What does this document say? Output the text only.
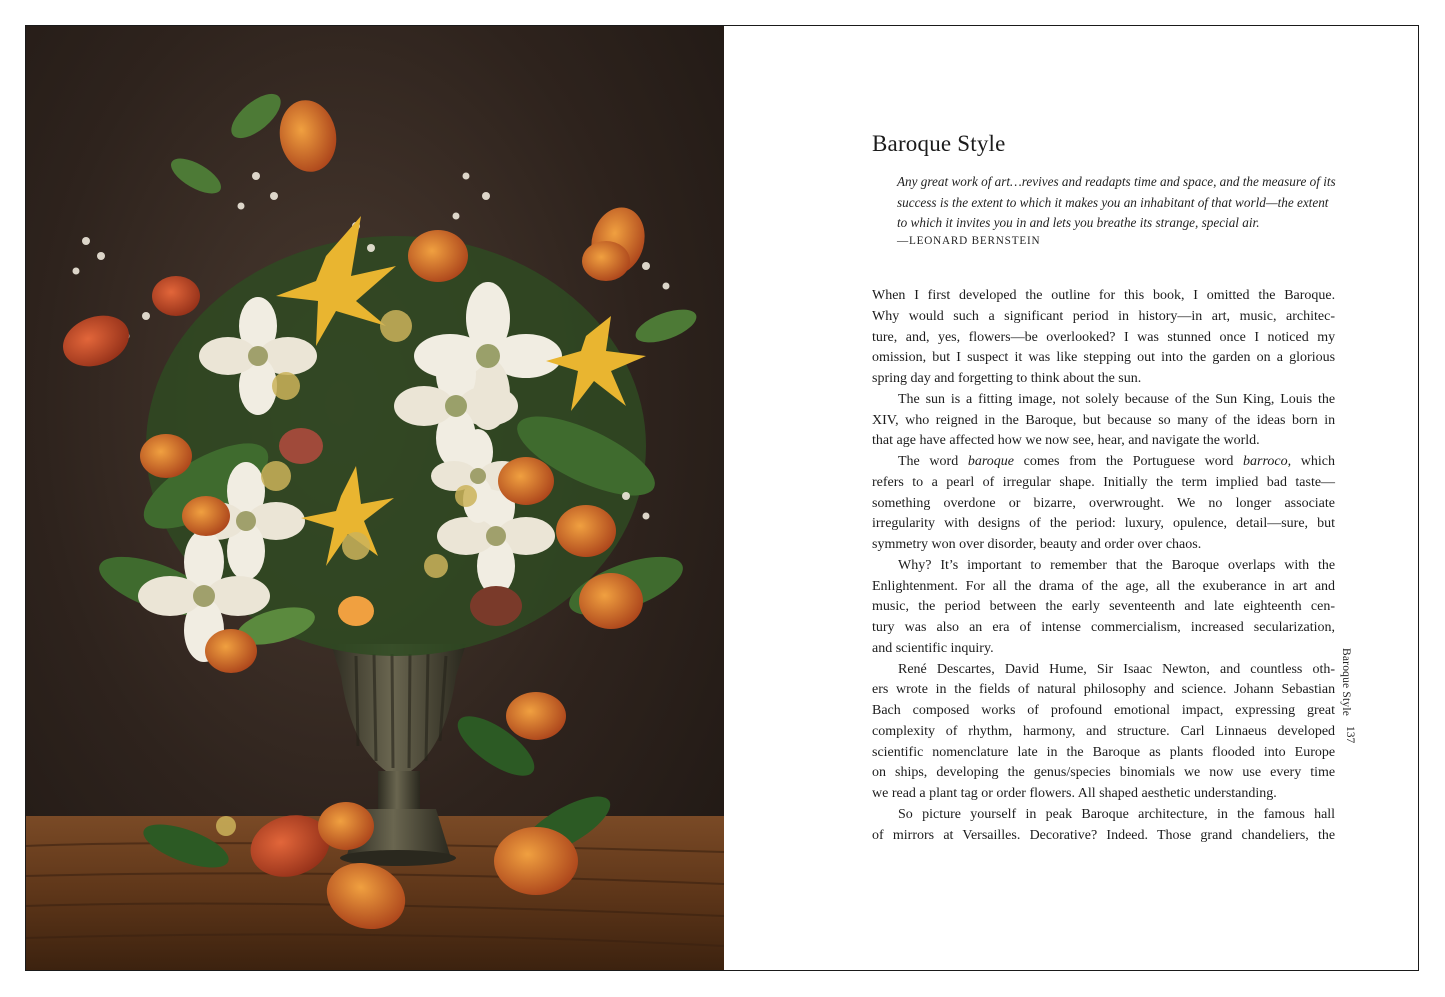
Baroque Style
Any great work of art…revives and readapts time and space, and the measure of its success is the extent to which it makes you an inhabitant of that world—the extent to which it invites you in and lets you breathe its strange, special air.
—LEONARD BERNSTEIN
When I first developed the outline for this book, I omitted the Baroque.
Why would such a significant period in history—in art, music, architec-
ture, and, yes, flowers—be overlooked? I was stunned once I noticed my
omission, but I suspect it was like stepping out into the garden on a glorious
spring day and forgetting to think about the sun.
The sun is a fitting image, not solely because of the Sun King, Louis the
XIV, who reigned in the Baroque, but because so many of the ideas born in
that age have affected how we now see, hear, and navigate the world.
The word baroque comes from the Portuguese word barroco, which
refers to a pearl of irregular shape. Initially the term implied bad taste—
something overdone or bizarre, overwrought. We no longer associate
irregularity with designs of the period: luxury, opulence, detail—sure, but
symmetry won over disorder, beauty and order over chaos.
Why? It’s important to remember that the Baroque overlaps with the
Enlightenment. For all the drama of the age, all the exuberance in art and
music, the period between the early seventeenth and late eighteenth cen-
tury was also an era of intense commercialism, increased secularization,
and scientific inquiry.
René Descartes, David Hume, Sir Isaac Newton, and countless oth-
ers wrote in the fields of natural philosophy and science. Johann Sebastian
Bach composed works of profound emotional impact, expressing great
complexity of rhythm, harmony, and structure. Carl Linnaeus developed
scientific nomenclature late in the Baroque as plants flooded into Europe
on ships, developing the genus/species binomials we now use every time
we read a plant tag or order flowers. All shaped aesthetic understanding.
So picture yourself in peak Baroque architecture, in the famous hall
of mirrors at Versailles. Decorative? Indeed. Those grand chandeliers, the
Baroque Style
137
